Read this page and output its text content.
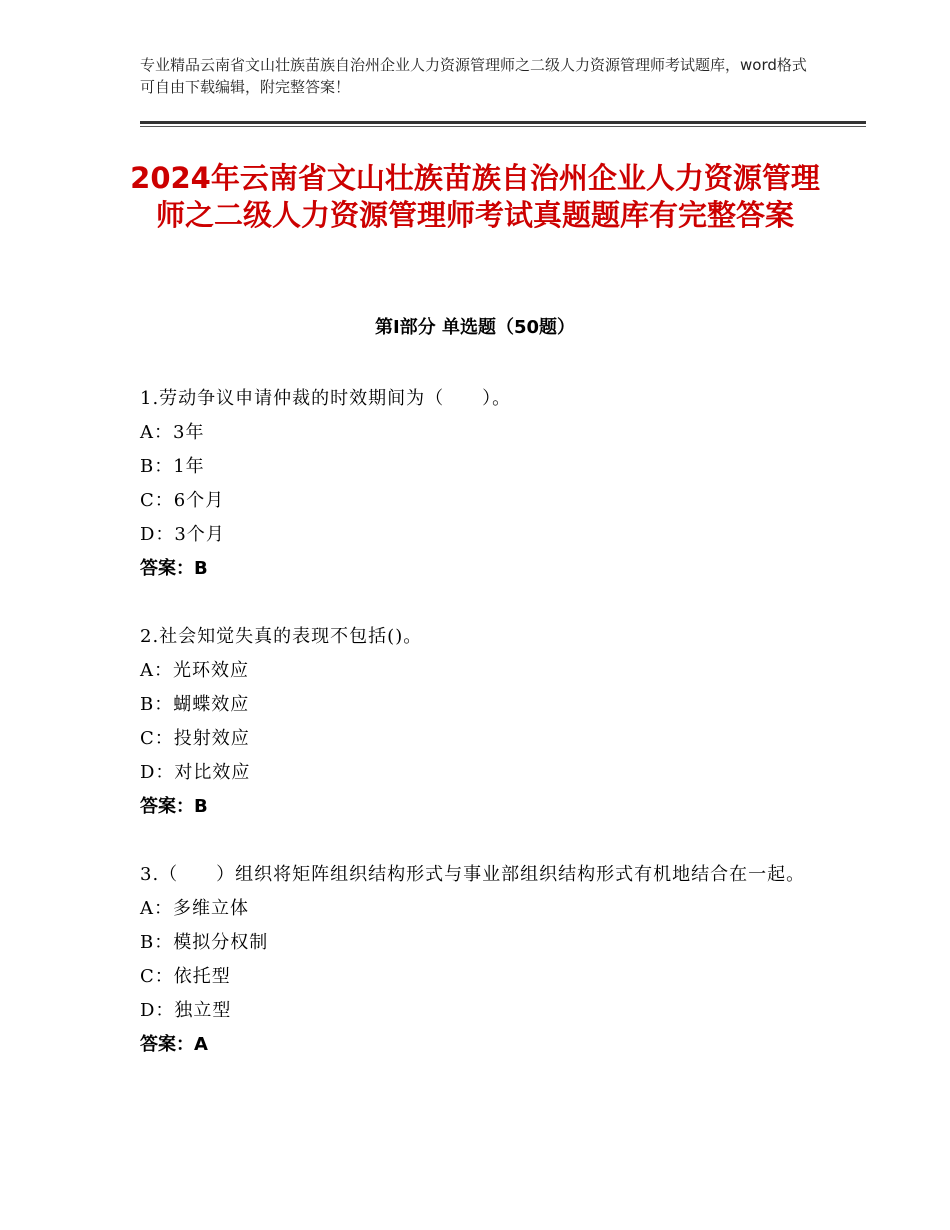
专业精品云南省文山壮族苗族自治州企业人力资源管理师之二级人力资源管理师考试题库，word格式可自由下载编辑，附完整答案！
2024年云南省文山壮族苗族自治州企业人力资源管理师之二级人力资源管理师考试真题题库有完整答案
第Ⅰ部分 单选题（50题）
1.劳动争议申请仲裁的时效期间为（　　）。
A：3年
B：1年
C：6个月
D：3个月
答案：B
2.社会知觉失真的表现不包括()。
A：光环效应
B：蝴蝶效应
C：投射效应
D：对比效应
答案：B
3.（　　）组织将矩阵组织结构形式与事业部组织结构形式有机地结合在一起。
A：多维立体
B：模拟分权制
C：依托型
D：独立型
答案：A
